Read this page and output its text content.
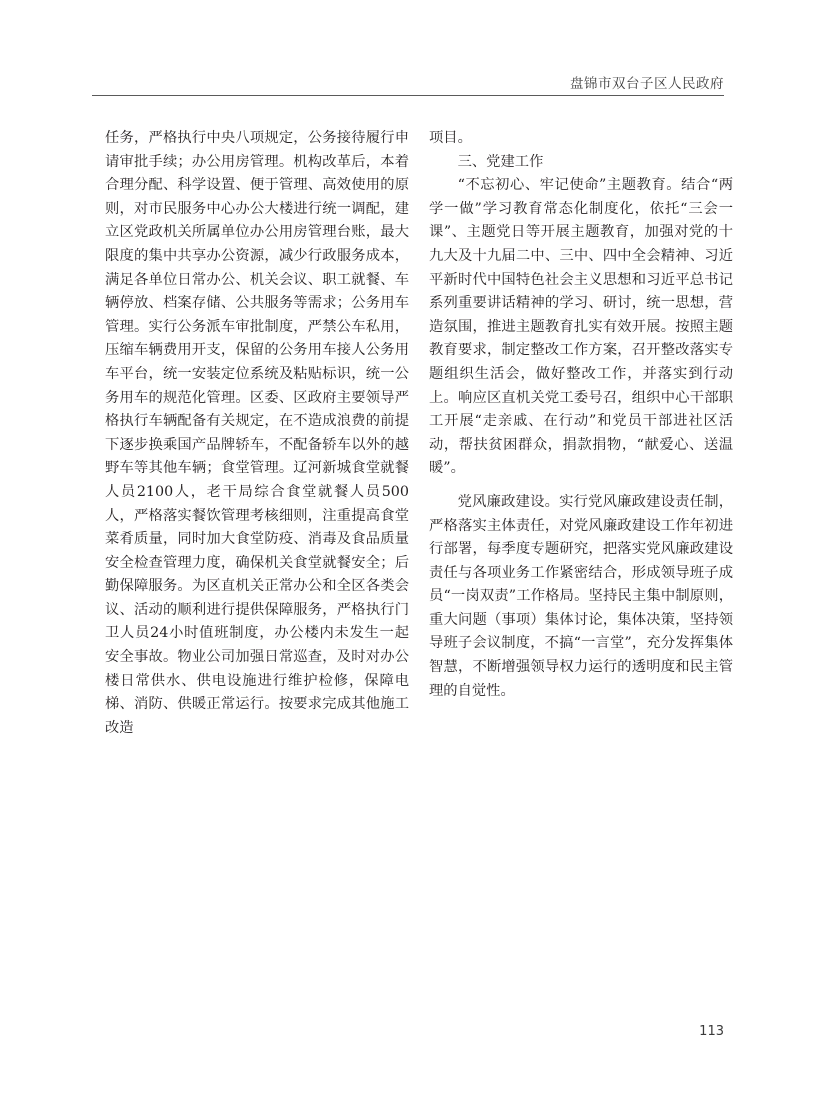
盘锦市双台子区人民政府

任务，严格执行中央八项规定，公务接待履行申请审批手续；办公用房管理。机构改革后，本着合理分配、科学设置、便于管理、高效使用的原则，对市民服务中心办公大楼进行统一调配，建立区党政机关所属单位办公用房管理台账，最大限度的集中共享办公资源，减少行政服务成本，满足各单位日常办公、机关会议、职工就餐、车辆停放、档案存储、公共服务等需求；公务用车管理。实行公务派车审批制度，严禁公车私用，压缩车辆费用开支，保留的公务用车接人公务用车平台，统一安装定位系统及粘贴标识，统一公务用车的规范化管理。区委、区政府主要领导严格执行车辆配备有关规定，在不造成浪费的前提下逐步换乘国产品牌轿车，不配备轿车以外的越野车等其他车辆；食堂管理。辽河新城食堂就餐人员2100人，老干局综合食堂就餐人员500人，严格落实餐饮管理考核细则，注重提高食堂菜肴质量，同时加大食堂防疫、消毒及食品质量安全检查管理力度，确保机关食堂就餐安全；后勤保障服务。为区直机关正常办公和全区各类会议、活动的顺利进行提供保障服务，严格执行门卫人员24小时值班制度，办公楼内未发生一起安全事故。物业公司加强日常巡查，及时对办公楼日常供水、供电设施进行维护检修，保障电梯、消防、供暖正常运行。按要求完成其他施工改造

项目。

三、党建工作

“不忘初心、牢记使命”主题教育。结合“两学一做”学习教育常态化制度化，依托“三会一课”、主题党日等开展主题教育，加强对党的十九大及十九届二中、三中、四中全会精神、习近平新时代中国特色社会主义思想和习近平总书记系列重要讲话精神的学习、研讨，统一思想，营造氛围，推进主题教育扎实有效开展。按照主题教育要求，制定整改工作方案，召开整改落实专题组织生活会，做好整改工作，并落实到行动上。响应区直机关党工委号召，组织中心干部职工开展“走亲戚、在行动”和党员干部进社区活动，帮扶贫困群众，捐款捐物，“献爱心、送温暖”。

党风廉政建设。实行党风廉政建设责任制，严格落实主体责任，对党风廉政建设工作年初进行部署，每季度专题研究，把落实党风廉政建设责任与各项业务工作紧密结合，形成领导班子成员“一岗双责”工作格局。坚持民主集中制原则，重大问题（事项）集体讨论，集体决策，坚持领导班子会议制度，不搞“一言堂”，充分发挥集体智慧，不断增强领导权力运行的透明度和民主管理的自觉性。

113
